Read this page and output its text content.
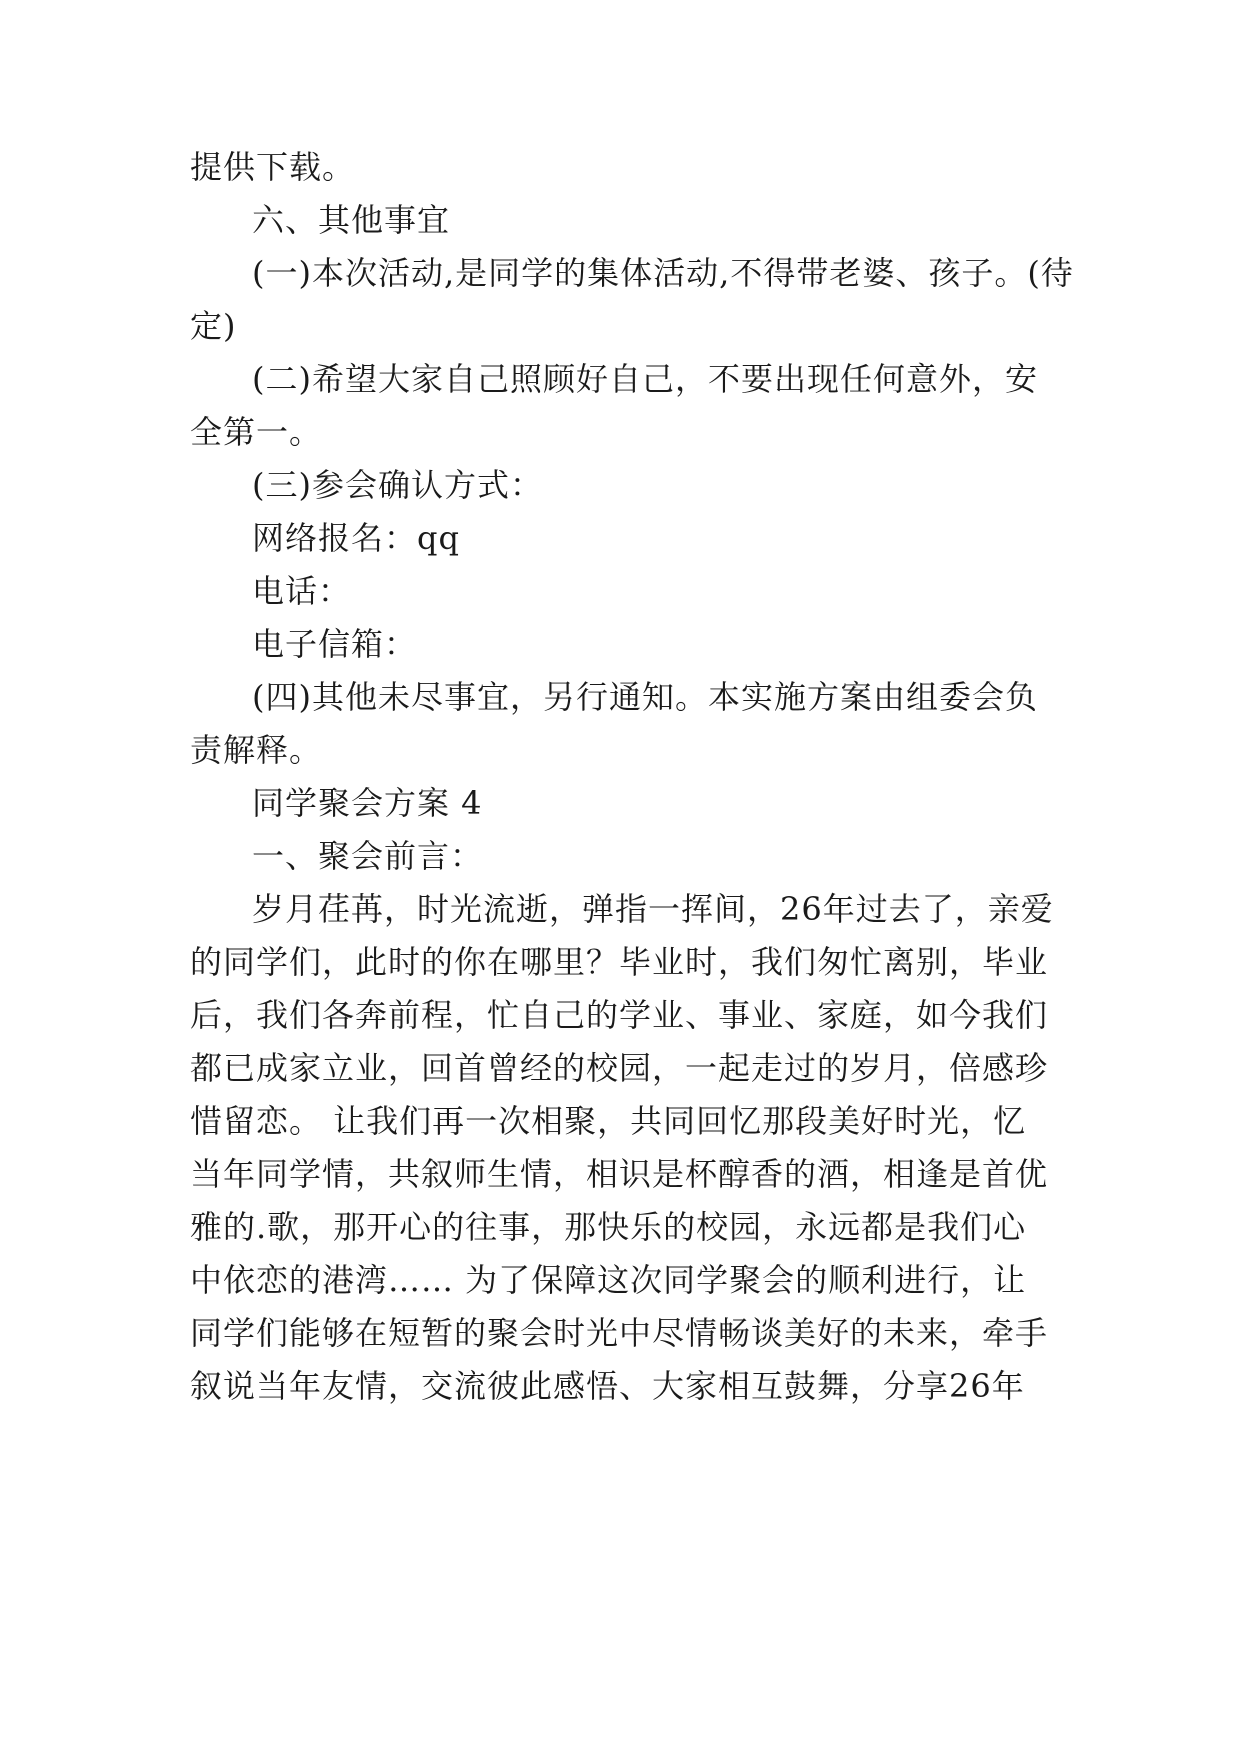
提供下载。
六、其他事宜
(一)本次活动,是同学的集体活动,不得带老婆、孩子。(待
定)
(二)希望大家自己照顾好自己，不要出现任何意外，安
全第一。
(三)参会确认方式：
网络报名：qq
电话：
电子信箱：
(四)其他未尽事宜，另行通知。本实施方案由组委会负
责解释。
同学聚会方案 4
一、聚会前言：
岁月荏苒，时光流逝，弹指一挥间，26年过去了，亲爱
的同学们，此时的你在哪里？毕业时，我们匆忙离别，毕业
后，我们各奔前程，忙自己的学业、事业、家庭，如今我们
都已成家立业，回首曾经的校园，一起走过的岁月，倍感珍
惜留恋。 让我们再一次相聚，共同回忆那段美好时光，忆
当年同学情，共叙师生情，相识是杯醇香的酒，相逢是首优
雅的.歌，那开心的往事，那快乐的校园，永远都是我们心
中依恋的港湾…… 为了保障这次同学聚会的顺利进行，让
同学们能够在短暂的聚会时光中尽情畅谈美好的未来，牵手
叙说当年友情，交流彼此感悟、大家相互鼓舞，分享26年
